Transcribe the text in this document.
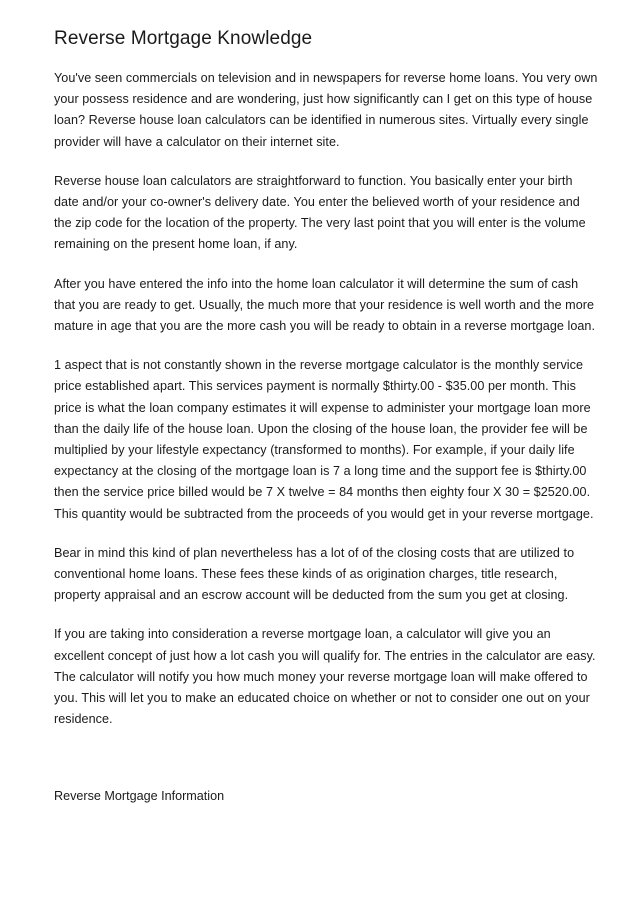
Reverse Mortgage Knowledge

You've seen commercials on television and in newspapers for reverse home loans. You very own your possess residence and are wondering, just how significantly can I get on this type of house loan? Reverse house loan calculators can be identified in numerous sites. Virtually every single provider will have a calculator on their internet site.

Reverse house loan calculators are straightforward to function. You basically enter your birth date and/or your co-owner's delivery date. You enter the believed worth of your residence and the zip code for the location of the property. The very last point that you will enter is the volume remaining on the present home loan, if any.

After you have entered the info into the home loan calculator it will determine the sum of cash that you are ready to get. Usually, the much more that your residence is well worth and the more mature in age that you are the more cash you will be ready to obtain in a reverse mortgage loan.

1 aspect that is not constantly shown in the reverse mortgage calculator is the monthly service price established apart. This services payment is normally $thirty.00 - $35.00 per month. This price is what the loan company estimates it will expense to administer your mortgage loan more than the daily life of the house loan. Upon the closing of the house loan, the provider fee will be multiplied by your lifestyle expectancy (transformed to months). For example, if your daily life expectancy at the closing of the mortgage loan is 7 a long time and the support fee is $thirty.00 then the service price billed would be 7 X twelve = 84 months then eighty four X 30 = $2520.00. This quantity would be subtracted from the proceeds of you would get in your reverse mortgage.

Bear in mind this kind of plan nevertheless has a lot of of the closing costs that are utilized to conventional home loans. These fees these kinds of as origination charges, title research, property appraisal and an escrow account will be deducted from the sum you get at closing.

If you are taking into consideration a reverse mortgage loan, a calculator will give you an excellent concept of just how a lot cash you will qualify for. The entries in the calculator are easy. The calculator will notify you how much money your reverse mortgage loan will make offered to you. This will let you to make an educated choice on whether or not to consider one out on your residence.

Reverse Mortgage Information
